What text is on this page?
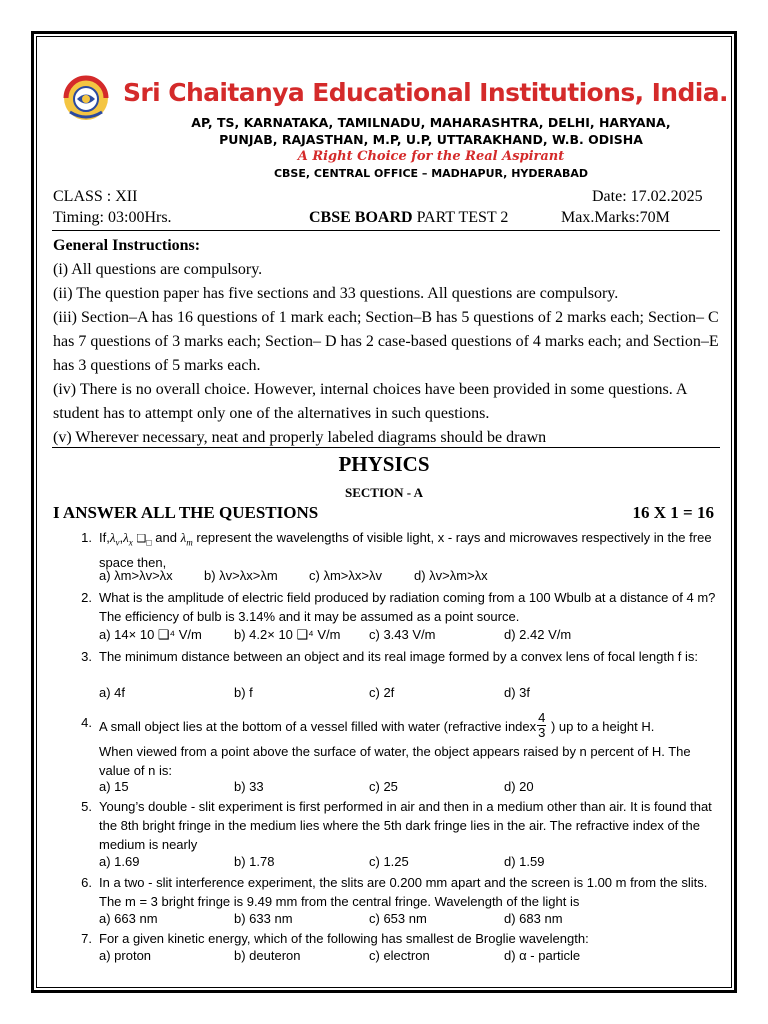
Sri Chaitanya Educational Institutions, India.
AP, TS, KARNATAKA, TAMILNADU, MAHARASHTRA, DELHI, HARYANA,
PUNJAB, RAJASTHAN, M.P, U.P, UTTARAKHAND, W.B. ODISHA
A Right Choice for the Real Aspirant
CBSE, CENTRAL OFFICE – MADHAPUR, HYDERABAD
CLASS : XII	Date: 17.02.2025
Timing: 03:00Hrs.	CBSE BOARD PART TEST 2	Max.Marks:70M

General Instructions:

(i) All questions are compulsory.

(ii) The question paper has five sections and 33 questions. All questions are compulsory.

(iii) Section–A has 16 questions of 1 mark each; Section–B has 5 questions of 2 marks each; Section– C has 7 questions of 3 marks each; Section– D has 2 case-based questions of 4 marks each; and Section–E has 3 questions of 5 marks each.

(iv) There is no overall choice. However, internal choices have been provided in some questions. A student has to attempt only one of the alternatives in such questions.

(v) Wherever necessary, neat and properly labeled diagrams should be drawn

PHYSICS
SECTION - A
I ANSWER ALL THE QUESTIONS	16 X 1 = 16
1. $If,\lambda_v,\lambda_x$ $❑_□$ and $\lambda_m$ represent the wavelengths of visible light, x - rays and microwaves respectively in the free space then,
a) λm>λv>λx b) λv>λx>λm c) λm>λx>λv d) λv>λm>λx
2. What is the amplitude of electric field produced by radiation coming from a 100 Wbulb at a distance of 4 m? The efficiency of bulb is 3.14% and it may be assumed as a point source.
a) 14× 10 ❑⁴ V/m b) 4.2× 10 ❑⁴ V/m c) 3.43 V/m	d) 2.42 V/m
3. The minimum distance between an object and its real image formed by a convex lens of focal length f is:
a) 4f	b) f	c) 2f	d) 3f
4. A small object lies at the bottom of a vessel filled with water (refractive index $\frac{4}{3}$ ) up to a height H.
When viewed from a point above the surface of water, the object appears raised by n percent of H. The value of n is:
a) 15	b) 33	c) 25	d) 20
5. Young’s double - slit experiment is first performed in air and then in a medium other than air. It is found that the 8th bright fringe in the medium lies where the 5th dark fringe lies in the air. The refractive index of the medium is nearly
a) 1.69	b) 1.78	c) 1.25	d) 1.59
6. In a two - slit interference experiment, the slits are 0.200 mm apart and the screen is 1.00 m from the slits. The m = 3 bright fringe is 9.49 mm from the central fringe. Wavelength of the light is
a) 663 nm	b) 633 nm	c) 653 nm	d) 683 nm
7. For a given kinetic energy, which of the following has smallest de Broglie wavelength:
a) proton	b) deuteron	c) electron	d) α - particle
